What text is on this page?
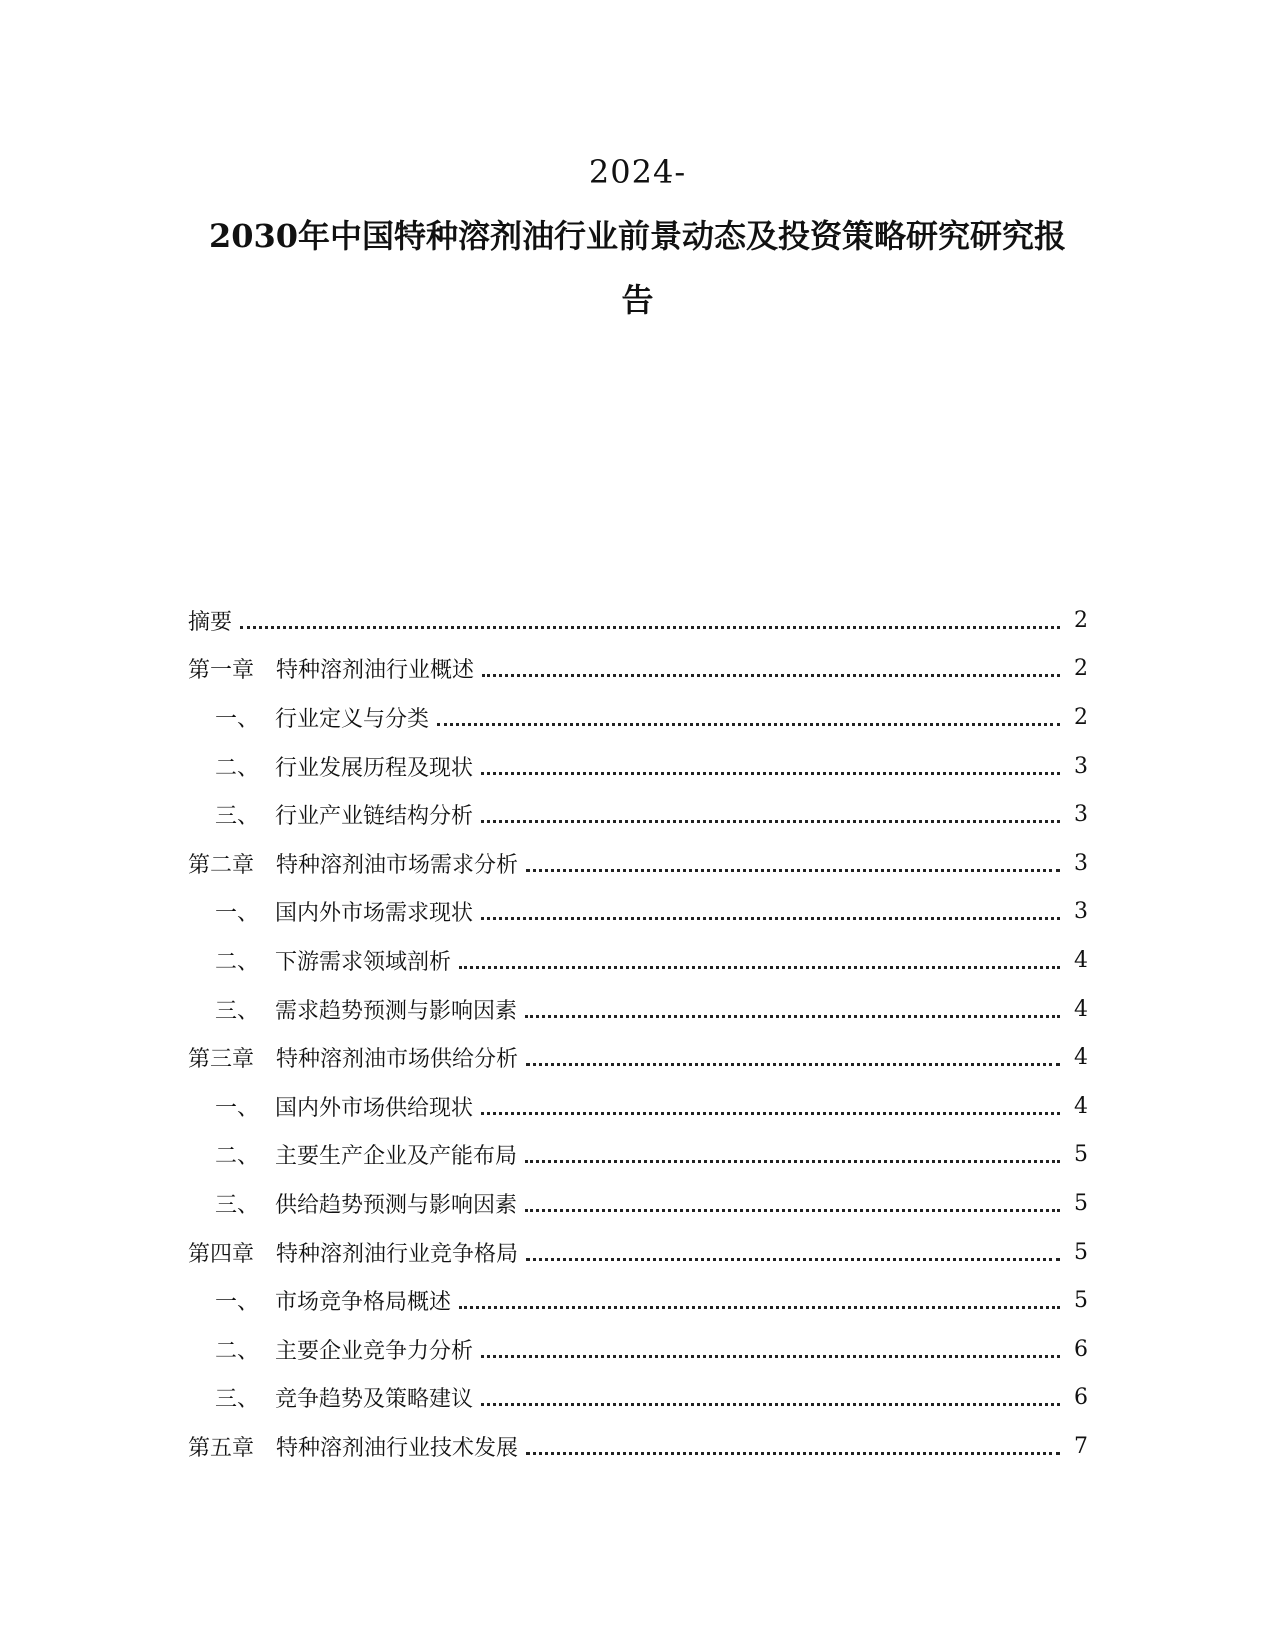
2024-
2030年中国特种溶剂油行业前景动态及投资策略研究研究报
告
摘要	2
第一章 特种溶剂油行业概述	2
一、 行业定义与分类	2
二、 行业发展历程及现状	3
三、 行业产业链结构分析	3
第二章 特种溶剂油市场需求分析	3
一、 国内外市场需求现状	3
二、 下游需求领域剖析	4
三、 需求趋势预测与影响因素	4
第三章 特种溶剂油市场供给分析	4
一、 国内外市场供给现状	4
二、 主要生产企业及产能布局	5
三、 供给趋势预测与影响因素	5
第四章 特种溶剂油行业竞争格局	5
一、 市场竞争格局概述	5
二、 主要企业竞争力分析	6
三、 竞争趋势及策略建议	6
第五章 特种溶剂油行业技术发展	7
